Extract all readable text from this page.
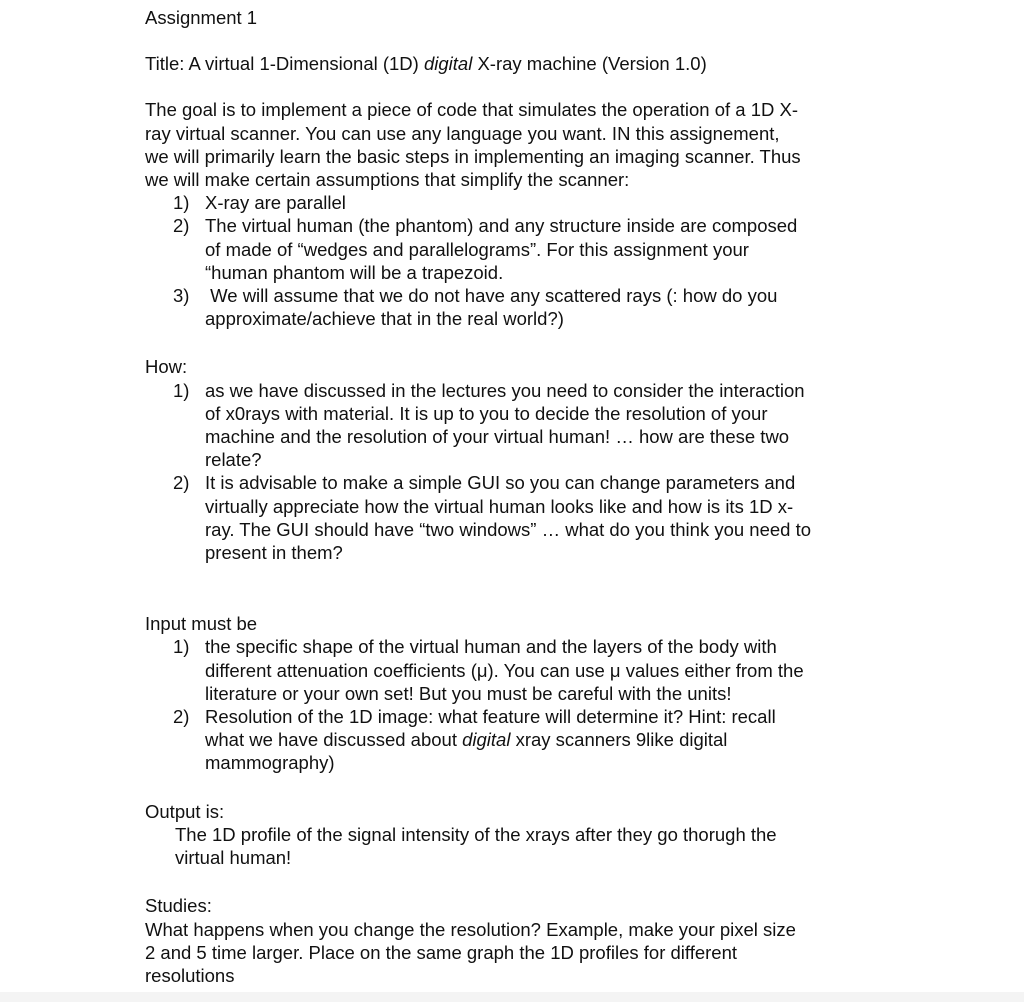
Assignment 1

Title: A virtual 1-Dimensional (1D) digital X-ray machine (Version 1.0)

The goal is to implement a piece of code that simulates the operation of a 1D X-

ray virtual scanner. You can use any language you want. IN this assignement,

we will primarily learn the basic steps in implementing an imaging scanner. Thus

we will make certain assumptions that simplify the scanner:

1) X-ray are parallel

2) The virtual human (the phantom) and any structure inside are composed

of made of “wedges and parallelograms”. For this assignment your

“human phantom will be a trapezoid.

3) We will assume that we do not have any scattered rays (: how do you

approximate/achieve that in the real world?)

How:

1) as we have discussed in the lectures you need to consider the interaction

of x0rays with material. It is up to you to decide the resolution of your

machine and the resolution of your virtual human! … how are these two

relate?

2) It is advisable to make a simple GUI so you can change parameters and

virtually appreciate how the virtual human looks like and how is its 1D x-

ray. The GUI should have “two windows” … what do you think you need to

present in them?

Input must be

1) the specific shape of the virtual human and the layers of the body with

different attenuation coefficients (μ). You can use μ values either from the

literature or your own set! But you must be careful with the units!

2) Resolution of the 1D image: what feature will determine it? Hint: recall

what we have discussed about digital xray scanners 9like digital

mammography)

Output is:

The 1D profile of the signal intensity of the xrays after they go thorugh the

virtual human!

Studies:

What happens when you change the resolution? Example, make your pixel size

2 and 5 time larger. Place on the same graph the 1D profiles for different

resolutions
